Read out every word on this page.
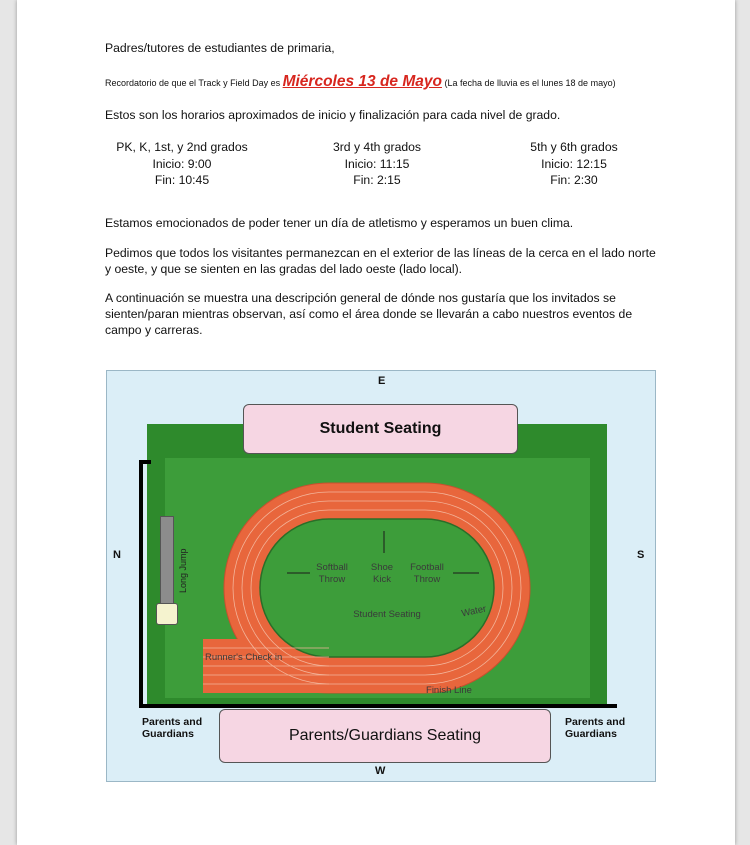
Padres/tutores de estudiantes de primaria,
Recordatorio de que el Track y Field Day es Miércoles 13 de Mayo (La fecha de lluvia es el lunes 18 de mayo)
Estos son los horarios aproximados de inicio y finalización para cada nivel de grado.
PK, K, 1st, y 2nd grados
Inicio: 9:00
Fin: 10:45
3rd y 4th grados
Inicio: 11:15
Fin: 2:15
5th y 6th grados
Inicio: 12:15
Fin: 2:30
Estamos emocionados de poder tener un día de atletismo y esperamos un buen clima.
Pedimos que todos los visitantes permanezcan en el exterior de las líneas de la cerca en el lado norte y oeste, y que se sienten en las gradas del lado oeste (lado local).
A continuación se muestra una descripción general de dónde nos gustaría que los invitados se sienten/paran mientras observan, así como el área donde se llevarán a cabo nuestros eventos de campo y carreras.
E
W
N	S
Student Seating
Parents/Guardians Seating
Parents and Guardians
Parents and Guardians
Long Jump	Softball Throw
Shoe Kick
Football Throw
Student Seating	Water
Runner's Check in
Finish Line
